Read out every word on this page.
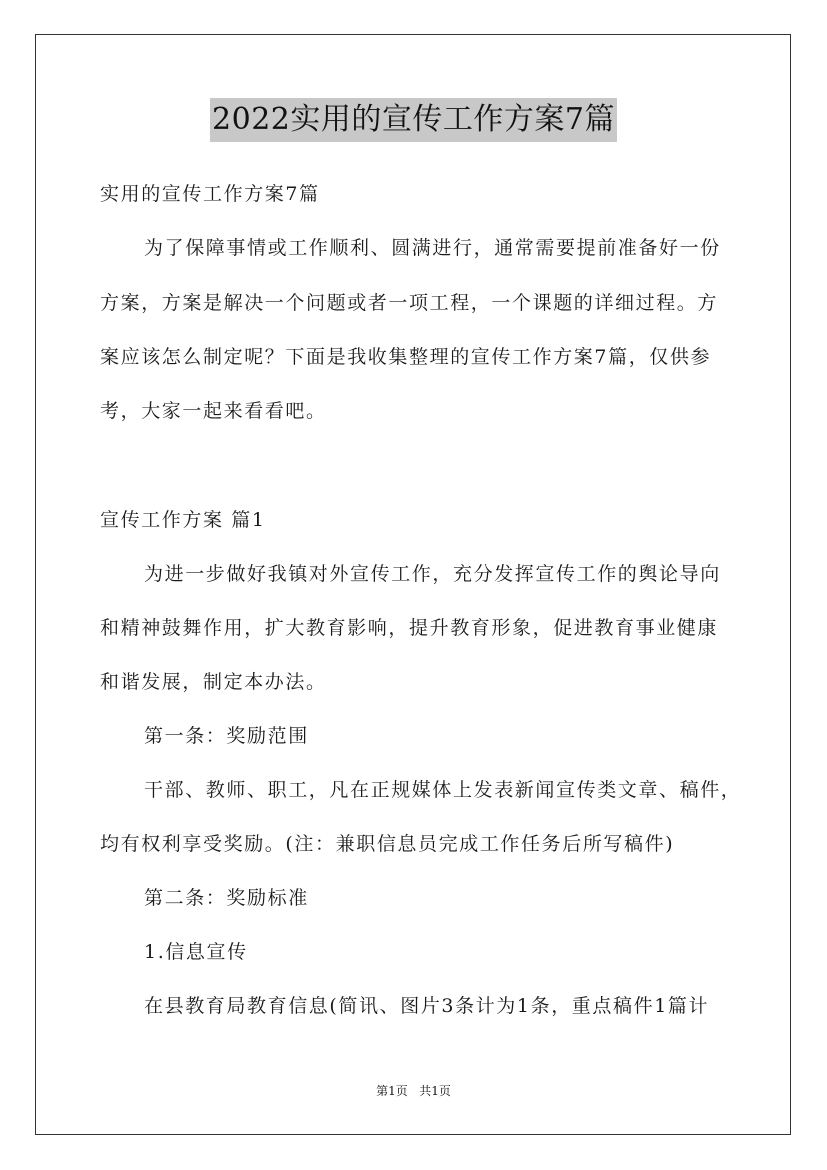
2022实用的宣传工作方案7篇
实用的宣传工作方案7篇
为了保障事情或工作顺利、圆满进行，通常需要提前准备好一份
方案，方案是解决一个问题或者一项工程，一个课题的详细过程。方
案应该怎么制定呢？下面是我收集整理的宣传工作方案7篇，仅供参
考，大家一起来看看吧。
宣传工作方案 篇1
为进一步做好我镇对外宣传工作，充分发挥宣传工作的舆论导向
和精神鼓舞作用，扩大教育影响，提升教育形象，促进教育事业健康
和谐发展，制定本办法。
第一条：奖励范围
干部、教师、职工，凡在正规媒体上发表新闻宣传类文章、稿件，
均有权利享受奖励。(注：兼职信息员完成工作任务后所写稿件)
第二条：奖励标准
1.信息宣传
在县教育局教育信息(简讯、图片3条计为1条，重点稿件1篇计
第1页   共1页
